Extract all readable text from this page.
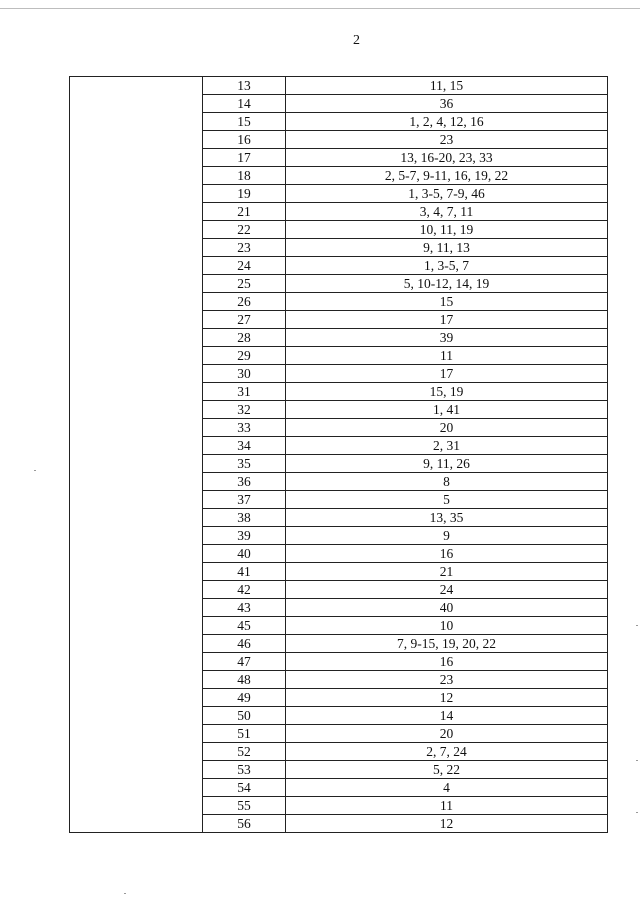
2
	13	11, 15
	14	36
	15	1, 2, 4, 12, 16
	16	23
	17	13, 16-20, 23, 33
	18	2, 5-7, 9-11, 16, 19, 22
	19	1, 3-5, 7-9, 46
	21	3, 4, 7, 11
	22	10, 11, 19
	23	9, 11, 13
	24	1, 3-5, 7
	25	5, 10-12, 14, 19
	26	15
	27	17
	28	39
	29	11
	30	17
	31	15, 19
	32	1, 41
	33	20
	34	2, 31
	35	9, 11, 26
	36	8
	37	5
	38	13, 35
	39	9
	40	16
	41	21
	42	24
	43	40
	45	10
	46	7, 9-15, 19, 20, 22
	47	16
	48	23
	49	12
	50	14
	51	20
	52	2, 7, 24
	53	5, 22
	54	4
	55	11
	56	12
